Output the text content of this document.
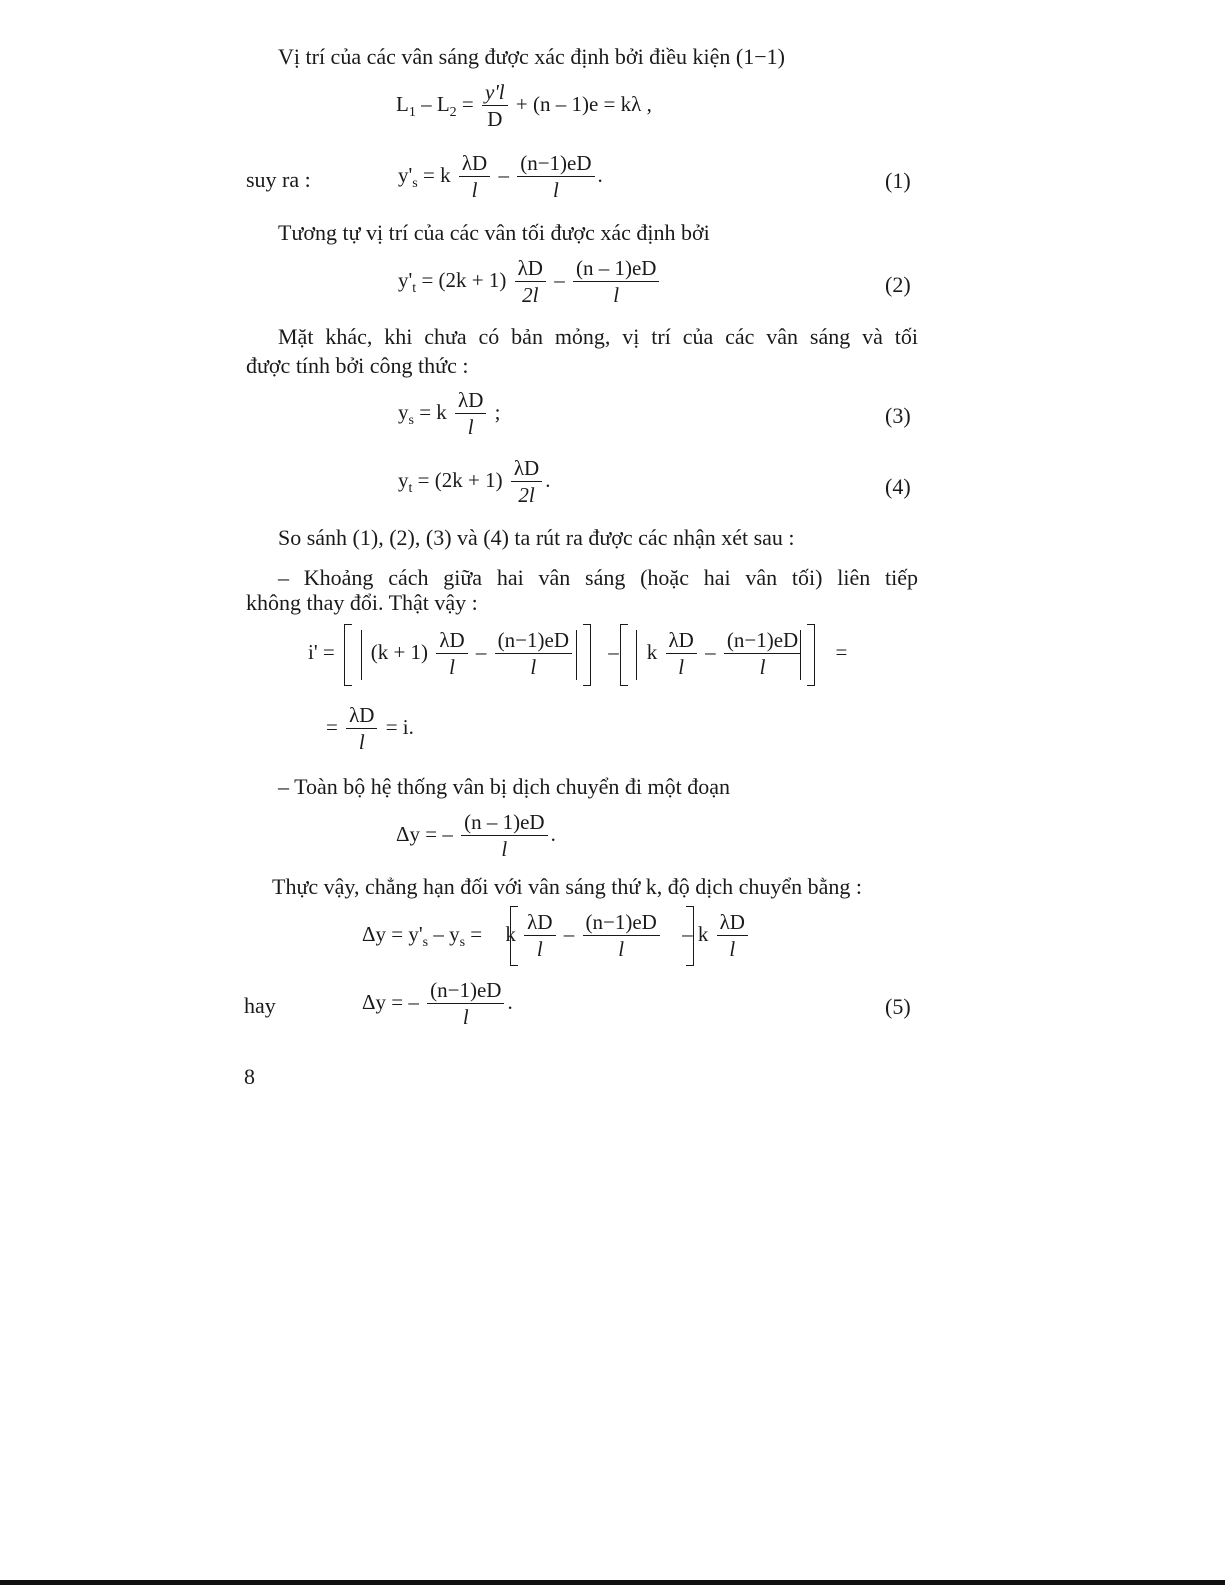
Vị trí của các vân sáng được xác định bởi điều kiện (1−1)
$L_1 - L_2 = \frac{y'l}{D} + (n - 1)e = k\lambda$ ,
suy ra :	$y'_s = k \frac{\lambda D}{l} - \frac{(n-1)eD}{l}$ .	(1)
Tương tự vị trí của các vân tối được xác định bởi
$y'_t = (2k + 1) \frac{\lambda D}{2l} - \frac{(n - 1)eD}{l}$	(2)
Mặt khác, khi chưa có bản mỏng, vị trí của các vân sáng và tối
được tính bởi công thức :
$y_s = k \frac{\lambda D}{l}$ ;	(3)
$y_t = (2k + 1) \frac{\lambda D}{2l}$ .	(4)
So sánh (1), (2), (3) và (4) ta rút ra được các nhận xét sau :
– Khoảng cách giữa hai vân sáng (hoặc hai vân tối) liên tiếp
không thay đổi. Thật vậy :
$i' = (k + 1) \frac{\lambda D}{l} - \frac{(n-1)eD}{l} - k \frac{\lambda D}{l} - \frac{(n-1)eD}{l}$ =
= $\frac{\lambda D}{l} = i$.
– Toàn bộ hệ thống vân bị dịch chuyển đi một đoạn
Δy = – $\frac{(n - 1)eD}{l}$ .
Thực vậy, chẳng hạn đối với vân sáng thứ k, độ dịch chuyển bằng :
$\Delta y = y'_s - y_s = k \frac{\lambda D}{l} - \frac{(n-1)eD}{l} - k \frac{\lambda D}{l}$
hay	Δy = – $\frac{(n-1)eD}{l}$ .	(5)
8
